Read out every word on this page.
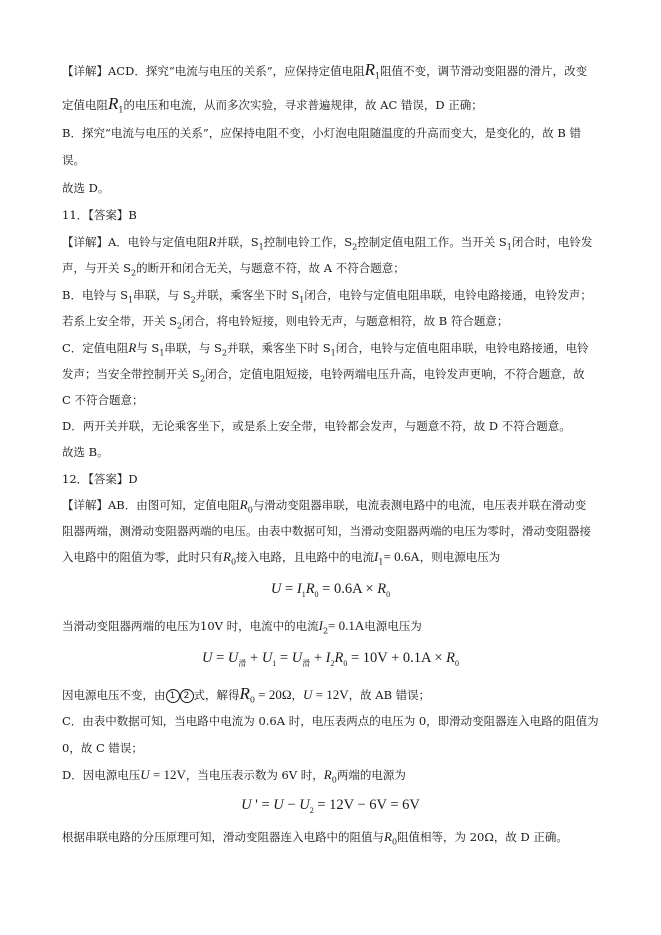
【详解】ACD．探究“电流与电压的关系”，应保持定值电阻$R_1$阻值不变，调节滑动变阻器的滑片，改变
定值电阻$R_1$的电压和电流，从而多次实验，寻求普遍规律，故 AC 错误，D 正确；
B．探究“电流与电压的关系”，应保持电阻不变，小灯泡电阻随温度的升高而变大，是变化的，故 B 错
误。
故选 D。
11．【答案】B
【详解】A．电铃与定值电阻R并联，$S_1$控制电铃工作，$S_2$控制定值电阻工作。当开关 $S_1$闭合时，电铃发
声，与开关 $S_2$的断开和闭合无关，与题意不符，故 A 不符合题意；
B．电铃与 $S_1$串联，与 $S_2$并联，乘客坐下时 $S_1$闭合，电铃与定值电阻串联，电铃电路接通，电铃发声；
若系上安全带，开关 $S_2$闭合，将电铃短接，则电铃无声，与题意相符，故 B 符合题意；
C．定值电阻R与 $S_1$串联，与 $S_2$并联，乘客坐下时 $S_1$闭合，电铃与定值电阻串联，电铃电路接通，电铃
发声；当安全带控制开关 $S_2$闭合，定值电阻短接，电铃两端电压升高，电铃发声更响，不符合题意，故
C 不符合题意；
D．两开关并联，无论乘客坐下，或是系上安全带，电铃都会发声，与题意不符，故 D 不符合题意。
故选 B。
12．【答案】D
【详解】AB．由图可知，定值电阻$R_0$与滑动变阻器串联，电流表测电路中的电流，电压表并联在滑动变
阻器两端，测滑动变阻器两端的电压。由表中数据可知，当滑动变阻器两端的电压为零时，滑动变阻器接
入电路中的阻值为零，此时只有$R_0$接入电路，且电路中的电流$I_1= 0.6A$，则电源电压为
$U = I_1R_0 = 0.6A \times R_0$
当滑动变阻器两端的电压为10V 时，电流中的电流$I_2= 0.1A$电源电压为
$U = U_滑 + U_1 = U_滑 + I_2R_0 = 10V + 0.1A \times R_0$
因电源电压不变，由 1 2 式，解得$R_0 = 20\Omega$，U = 12V，故 AB 错误；
C．由表中数据可知，当电路中电流为 0.6A 时，电压表两点的电压为 0，即滑动变阻器连入电路的阻值为
0，故 C 错误；
D．因电源电压U = 12V，当电压表示数为 6V 时，$R_0$两端的电源为
U ' = $U - U_2 = 12V - 6V = 6V$
根据串联电路的分压原理可知，滑动变阻器连入电路中的阻值与$R_0$阻值相等，为 20Ω，故 D 正确。
